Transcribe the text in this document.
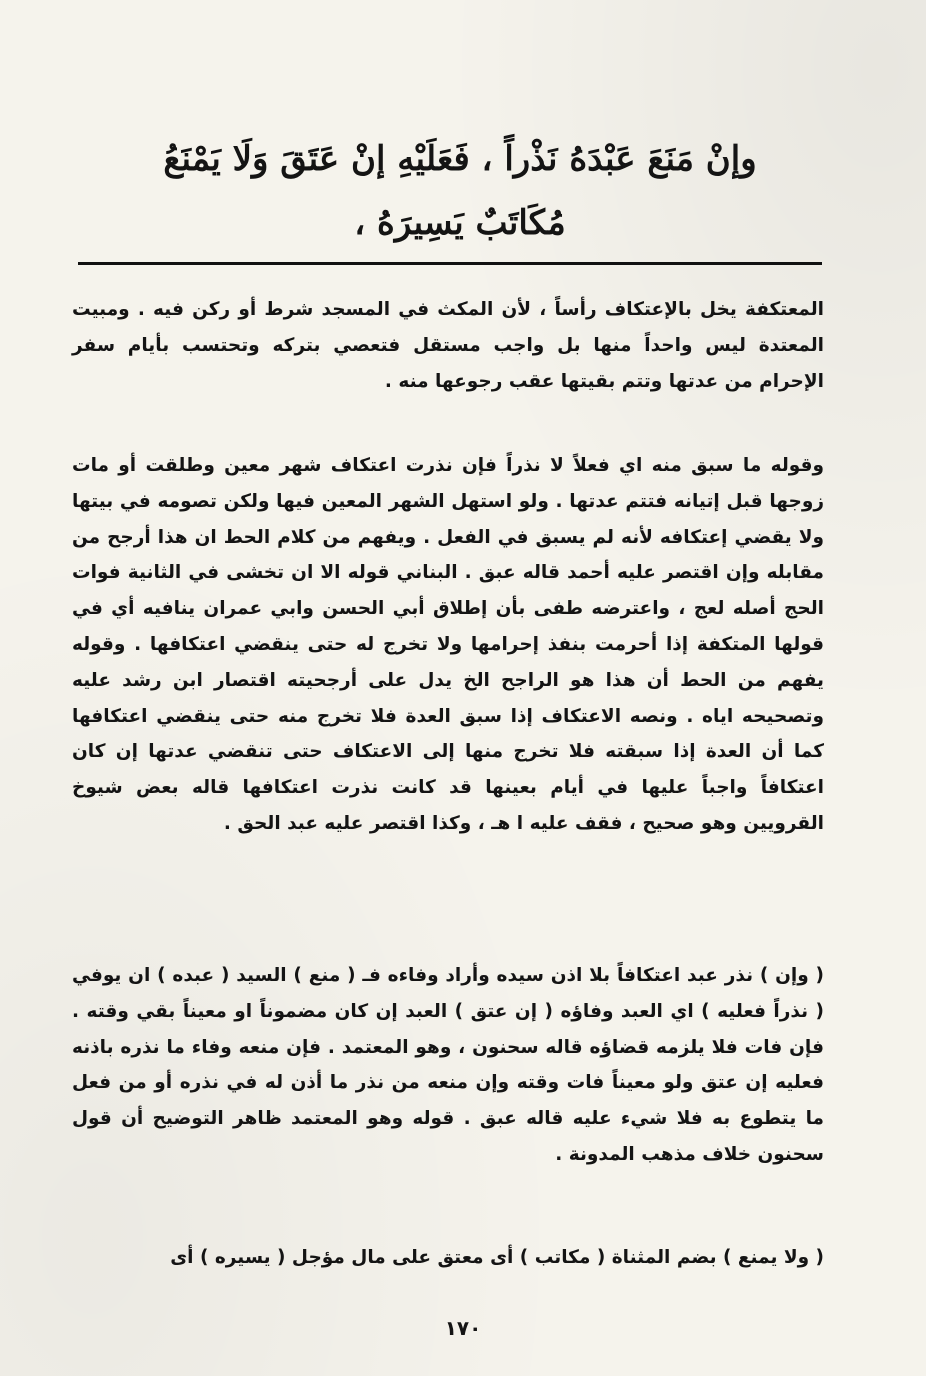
وإنْ مَنَعَ عَبْدَهُ نَذْراً ، فَعَلَيْهِ إنْ عَتَقَ وَلَا يَمْنَعُ
مُكَاتَبٌ يَسِيرَهُ ،

المعتكفة يخل بالإعتكاف رأساً ، لأن المكث في المسجد شرط أو ركن فيه . ومبيت المعتدة ليس واحداً منها بل واجب مستقل فتعصي بتركه وتحتسب بأيام سفر الإحرام من عدتها وتتم بقيتها عقب رجوعها منه .

وقوله ما سبق منه اي فعلاً لا نذراً فإن نذرت اعتكاف شهر معين وطلقت أو مات زوجها قبل إتيانه فتتم عدتها . ولو استهل الشهر المعين فيها ولكن تصومه في بيتها ولا يقضي إعتكافه لأنه لم يسبق في الفعل . ويفهم من كلام الحط ان هذا أرجح من مقابله وإن اقتصر عليه أحمد قاله عبق . البناني قوله الا ان تخشى في الثانية فوات الحج أصله لعج ، واعترضه طفى بأن إطلاق أبي الحسن وابي عمران ينافيه أي في قولها المتكفة إذا أحرمت بنفذ إحرامها ولا تخرج له حتى ينقضي اعتكافها . وقوله يفهم من الحط أن هذا هو الراجح الخ يدل على أرجحيته اقتصار ابن رشد عليه وتصحيحه اياه . ونصه الاعتكاف إذا سبق العدة فلا تخرج منه حتى ينقضي اعتكافها كما أن العدة إذا سبقته فلا تخرج منها إلى الاعتكاف حتى تنقضي عدتها إن كان اعتكافاً واجباً عليها في أيام بعينها قد كانت نذرت اعتكافها قاله بعض شيوخ القرويين وهو صحيح ، فقف عليه ا هـ ، وكذا اقتصر عليه عبد الحق .

( وإن ) نذر عبد اعتكافاً بلا اذن سيده وأراد وفاءه فـ ( منع ) السيد ( عبده ) ان يوفي ( نذراً فعليه ) اي العبد وفاؤه ( إن عتق ) العبد إن كان مضموناً او معيناً بقي وقته . فإن فات فلا يلزمه قضاؤه قاله سحنون ، وهو المعتمد . فإن منعه وفاء ما نذره باذنه فعليه إن عتق ولو معيناً فات وقته وإن منعه من نذر ما أذن له في نذره أو من فعل ما يتطوع به فلا شيء عليه قاله عبق . قوله وهو المعتمد ظاهر التوضيح أن قول سحنون خلاف مذهب المدونة .

( ولا يمنع ) بضم المثناة ( مكاتب ) أى معتق على مال مؤجل ( يسيره ) أى

١٧٠
